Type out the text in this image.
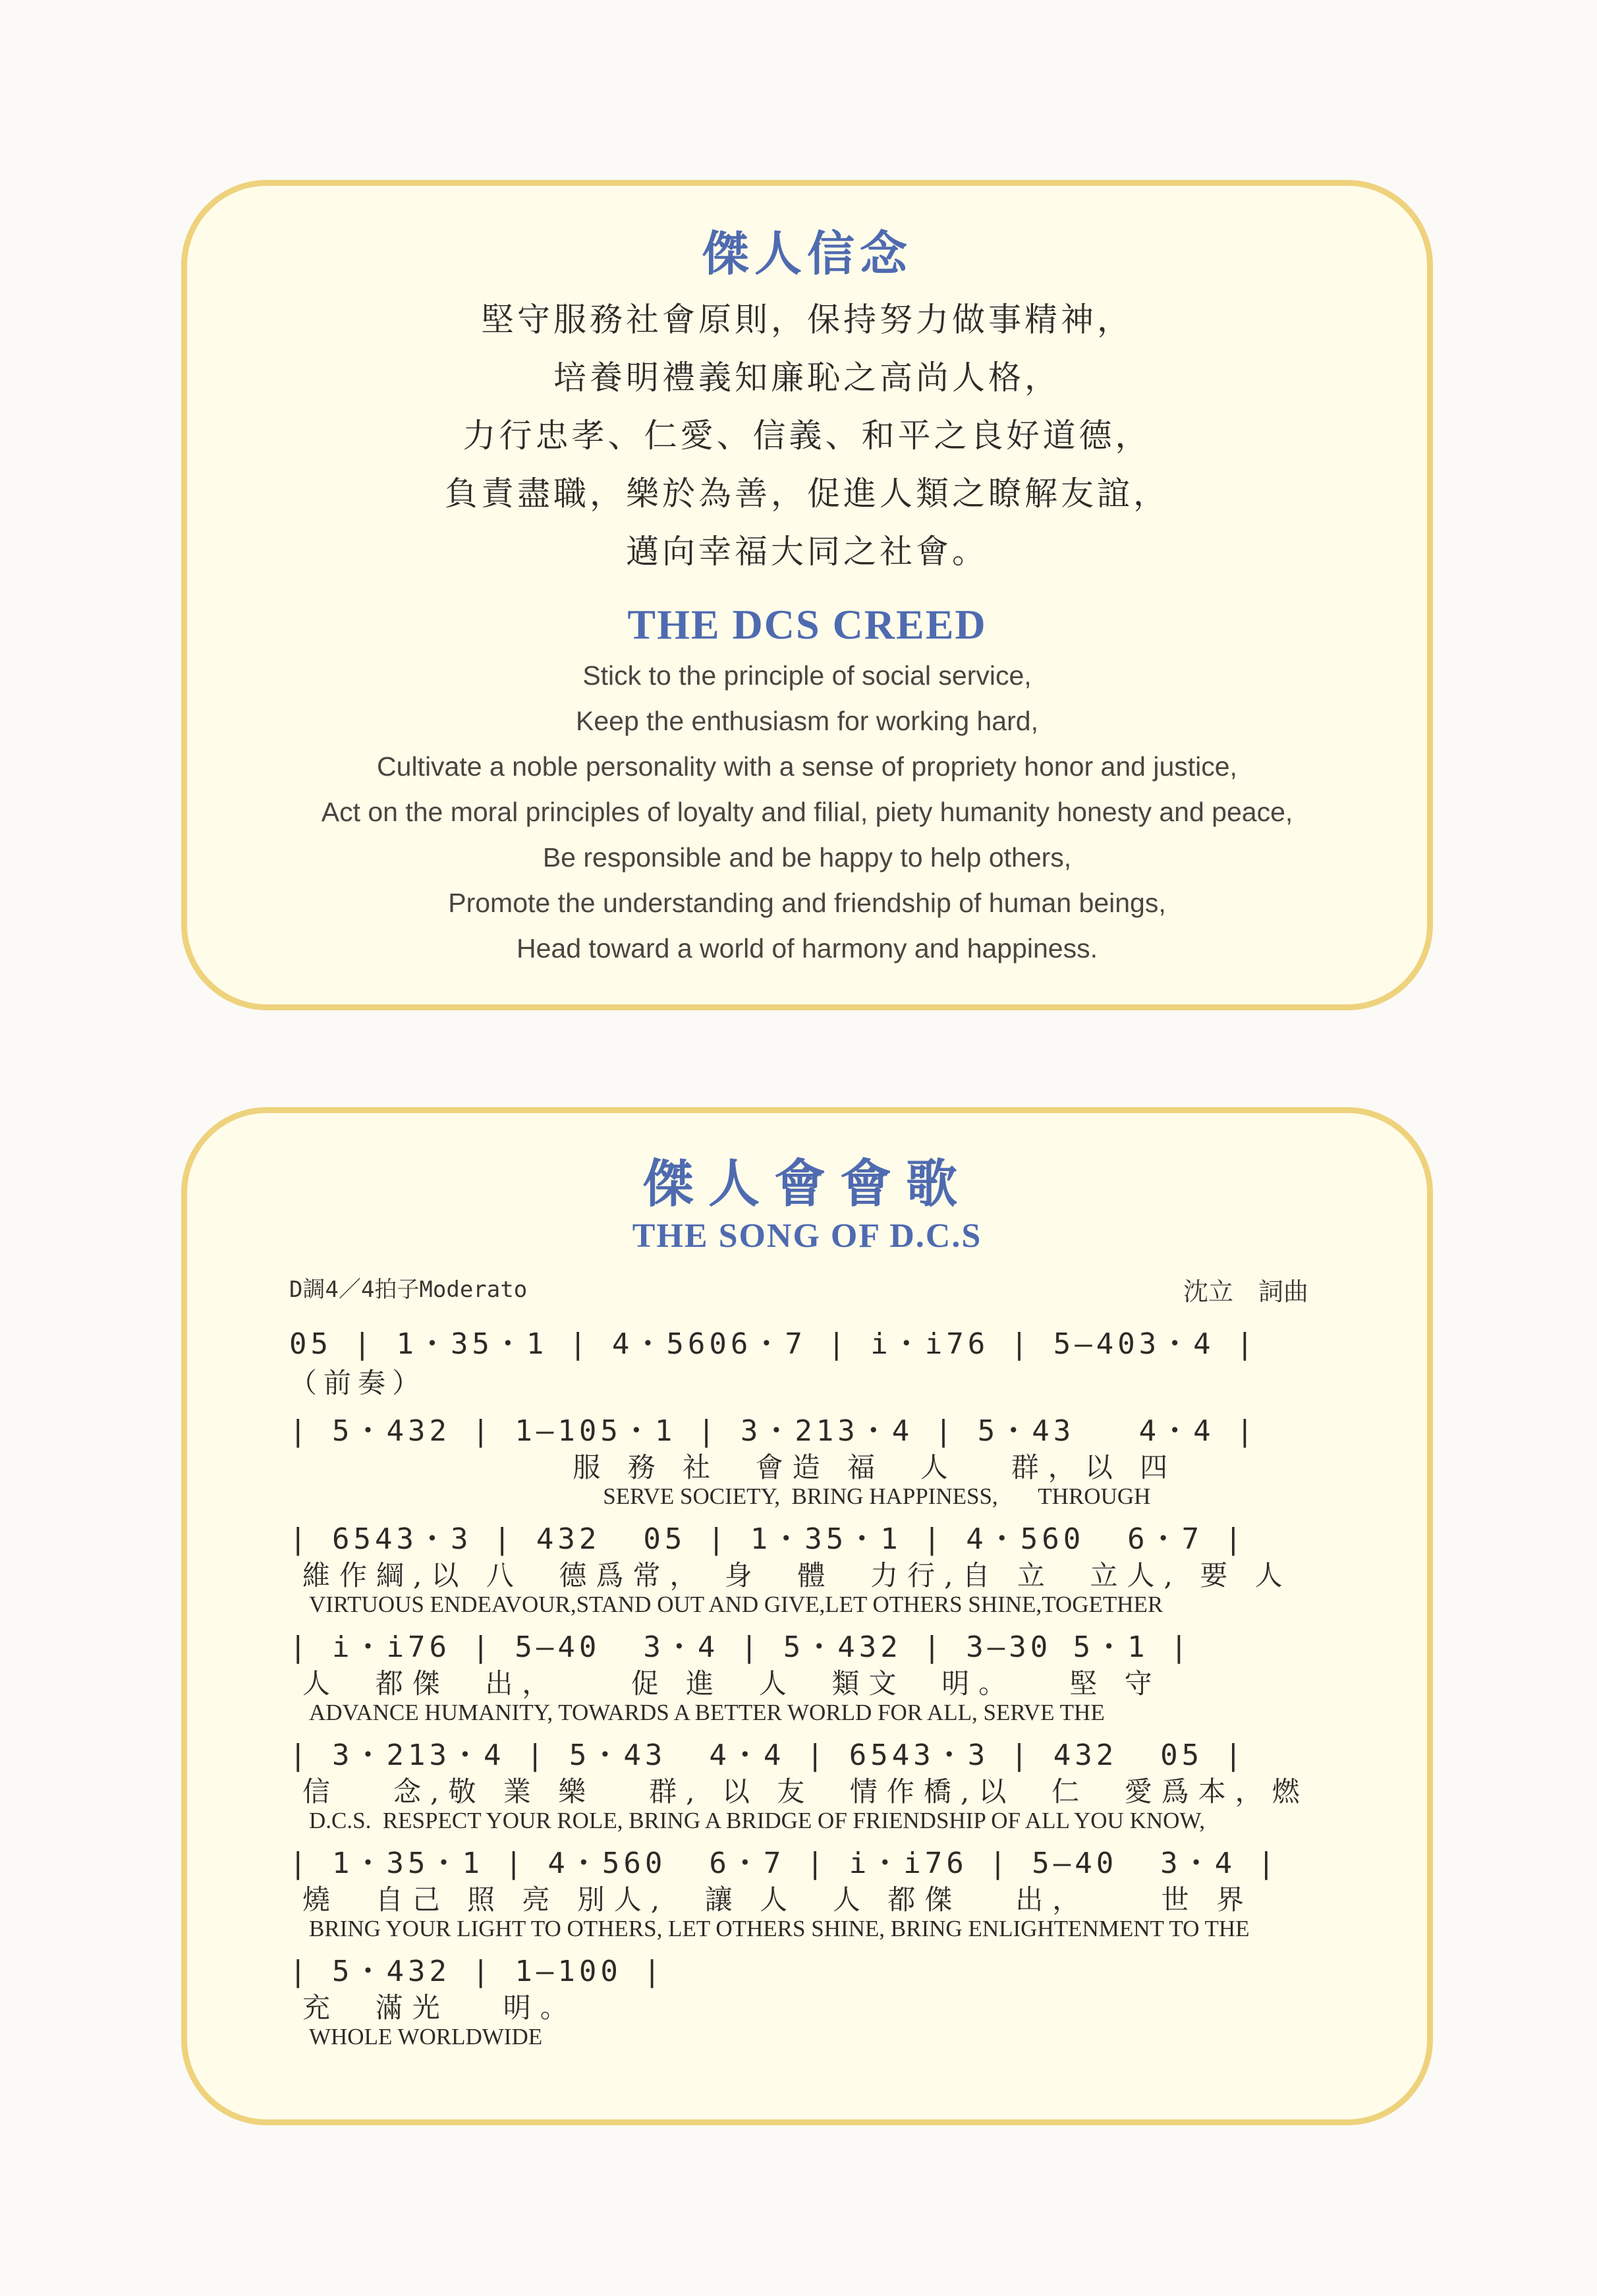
傑人信念
堅守服務社會原則，保持努力做事精神，
培養明禮義知廉恥之高尚人格，
力行忠孝、仁愛、信義、和平之良好道德，
負責盡職，樂於為善，促進人類之瞭解友誼，
邁向幸福大同之社會。
THE DCS CREED
Stick to the principle of social service,
Keep the enthusiasm for working hard,
Cultivate a noble personality with a sense of propriety honor and justice,
Act on the moral principles of loyalty and filial, piety humanity honesty and peace,
Be responsible and be happy to help others,
Promote the understanding and friendship of human beings,
Head toward a world of harmony and happiness.
傑人會會歌
THE SONG OF D.C.S
D調4／4拍子Moderato	沈立　詞曲
05 | 1・35・1 | 4・5606・7 | i・i76 | 5—403・4 |
（前奏）
| 5・432 | 1—105・1 | 3・213・4 | 5・43   4・4 |
服 務 社  會造 福  人   群，以 四
SERVE SOCIETY,  BRING HAPPINESS,       THROUGH
| 6543・3 | 432  05 | 1・35・1 | 4・560  6・7 |
維作綱,以 八  德爲常， 身  體  力行,自 立  立人, 要 人
VIRTUOUS ENDEAVOUR,STAND OUT AND GIVE,LET OTHERS SHINE,TOGETHER
| i・i76 | 5—40  3・4 | 5・432 | 3—30 5・1 |
人  都傑  出，    促 進  人  類文  明。   堅 守
ADVANCE HUMANITY, TOWARDS A BETTER WORLD FOR ALL, SERVE THE
| 3・213・4 | 5・43  4・4 | 6543・3 | 432  05 |
信   念,敬 業 樂   群, 以 友  情作橋,以  仁  愛爲本，燃
D.C.S.  RESPECT YOUR ROLE, BRING A BRIDGE OF FRIENDSHIP OF ALL YOU KNOW,
| 1・35・1 | 4・560  6・7 | i・i76 | 5—40  3・4 |
燒  自己 照 亮 別人,  讓 人  人 都傑   出，    世 界
BRING YOUR LIGHT TO OTHERS, LET OTHERS SHINE, BRING ENLIGHTENMENT TO THE
| 5・432 | 1—100 |
充  滿光   明。
WHOLE WORLDWIDE
